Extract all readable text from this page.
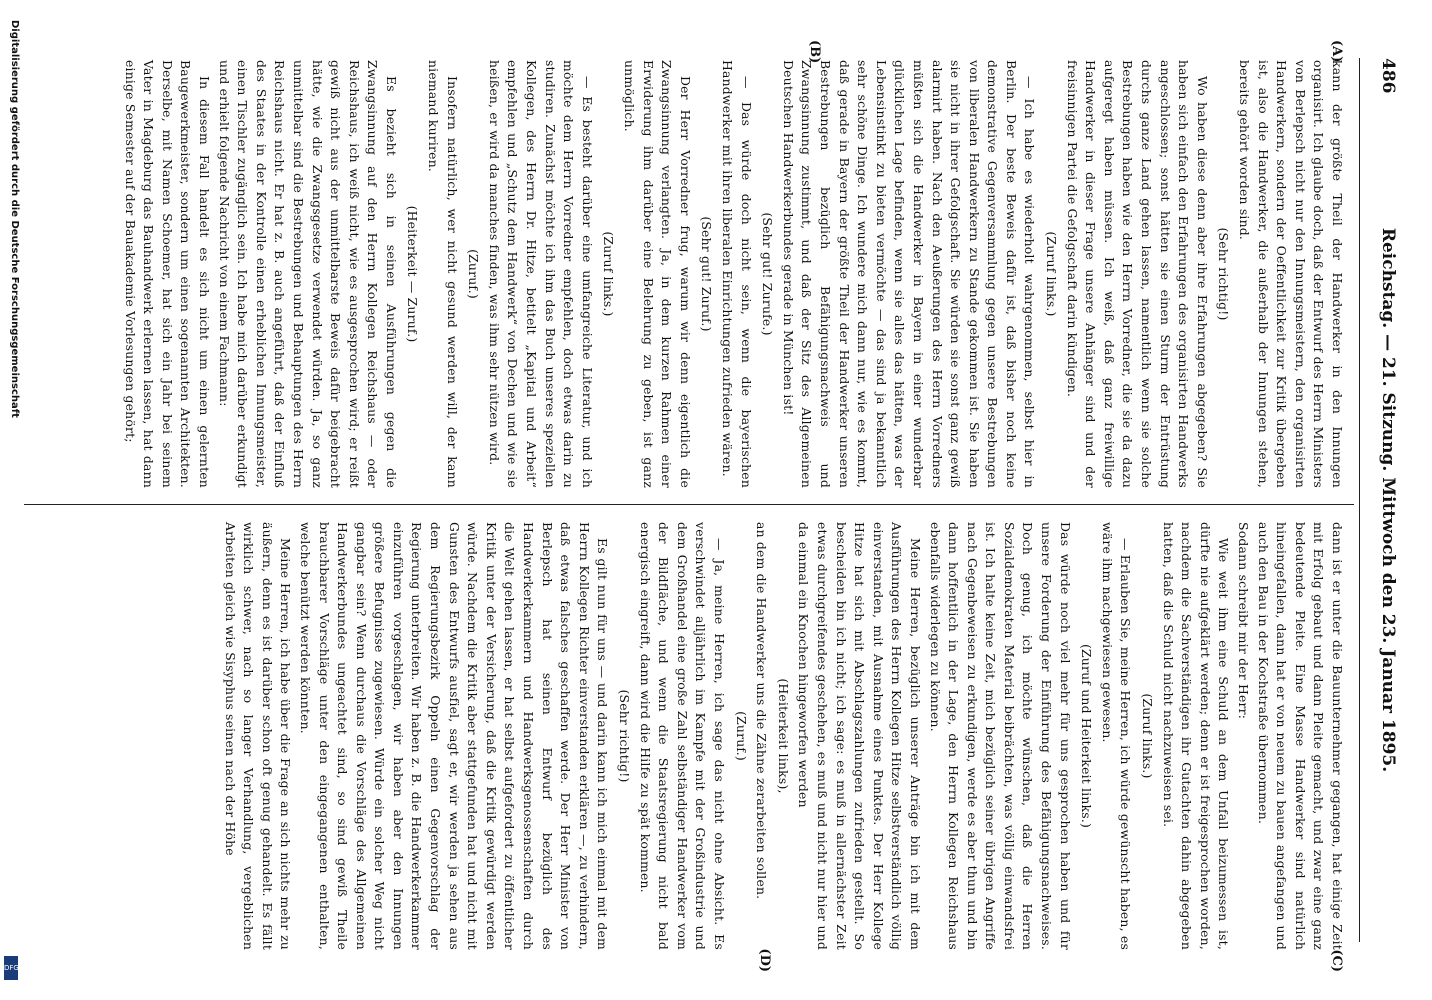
486
Reichstag. — 21. Sitzung. Mittwoch den 23. Januar 1895.
(A)
(B)
(C)
(D)

kann der größte Theil der Handwerker in den Innungen organisirt. Ich glaube doch, daß der Entwurf des Herrn Ministers von Berlepsch nicht nur den Innungsmeistern, den organisirten Handwerkern, sondern der Oeffentlichkeit zur Kritik übergeben ist, also die Handwerker, die außerhalb der Innungen stehen, bereits gehört worden sind.

(Sehr richtig!)

Wo haben diese denn aber ihre Erfahrungen abgegeben? Sie haben sich einfach den Erfahrungen des organisirten Handwerks angeschlossen; sonst hätten sie einen Sturm der Entrüstung durchs ganze Land gehen lassen, namentlich wenn sie solche Bestrebungen haben wie den Herrn Vorredner, die sie da dazu aufgeregt haben müssen. Ich weiß, daß ganz freiwillige Handwerker in dieser Frage unsere Anhänger sind und der freisinnigen Partei die Gefolgschaft darin kündigen.

(Zuruf links.)

— Ich habe es wiederholt wahrgenommen, selbst hier in Berlin. Der beste Beweis dafür ist, daß bisher noch keine demonstrative Gegenversammlung gegen unsere Bestrebungen von liberalen Handwerkern zu Stande gekommen ist. Sie haben sie nicht in ihrer Gefolgschaft. Sie würden sie sonst ganz gewiß alarmirt haben. Nach den Aeußerungen des Herrn Vorredners müßten sich die Handwerker in Bayern in einer wunderbar glücklichen Lage befinden, wenn sie alles das hätten, was der Lebensinstinkt zu bieten vermöchte — das sind ja bekanntlich sehr schöne Dinge. Ich wundere mich dann nur, wie es kommt, daß gerade in Bayern der größte Theil der Handwerker unseren Bestrebungen bezüglich Befähigungsnachweis und Zwangsinnung zustimmt, und daß der Sitz des Allgemeinen Deutschen Handwerkerbundes gerade in München ist!

(Sehr gut! Zurufe.)

— Das würde doch nicht sein, wenn die bayerischen Handwerker mit ihren liberalen Einrichtungen zufrieden wären.

(Sehr gut! Zuruf.)

Der Herr Vorredner frug, warum wir denn eigentlich die Zwangsinnung verlangten. Ja, in dem kurzen Rahmen einer Erwiderung ihm darüber eine Belehrung zu geben, ist ganz unmöglich.

(Zuruf links.)

— Es besteht darüber eine umfangreiche Literatur, und ich möchte dem Herrn Vorredner empfehlen, doch etwas darin zu studiren. Zunächst möchte ich ihm das Buch unseres speziellen Kollegen, des Herrn Dr. Hitze, betitelt „Kapital und Arbeit“ empfehlen und „Schutz dem Handwerk“ von Dechen und wie sie heißen, er wird da manches finden, was ihm sehr nützen wird.

(Zuruf.)

Insofern natürlich, wer nicht gesund werden will, der kann niemand kuriren.

(Heiterkeit — Zuruf.)

Es bezieht sich in seinen Ausführungen gegen die Zwangsinnung auf den Herrn Kollegen Reichshaus — oder Reichshaus, ich weiß nicht, wie es ausgesprochen wird; er reißt gewiß nicht aus der unmittelbarste Beweis dafür beigebracht hätte, wie die Zwangsgesetze verwendet würden. Ja, so ganz unmittelbar sind die Bestrebungen und Behauptungen des Herrn Reichshaus nicht. Er hat z. B. auch angeführt, daß der Einfluß des Staates in der Kontrolle einen erheblichen Innungsmeister, einen Tischler zugänglich sein. Ich habe mich darüber erkundigt und erhielt folgende Nachricht von einem Fachmann:

In diesem Fall handelt es sich nicht um einen gelernten Baugewerkmeister, sondern um einen sogenannten Architekten. Derselbe, mit Namen Schoemer, hat sich ein Jahr bei seinem Vater in Magdeburg das Bauhandwerk erlernen lassen, hat dann einige Semester auf der Bauakademie Vorlesungen gehört;

dann ist er unter die Bauunternehmer gegangen, hat einige Zeit mit Erfolg gebaut und dann Pleite gemacht, und zwar eine ganz bedeutende Pleite. Eine Masse Handwerker sind natürlich hineingefallen, dann hat er von neuem zu bauen angefangen und auch den Bau in der Kochstraße übernommen.

Sodann schreibt mir der Herr:

Wie weit ihm eine Schuld an dem Unfall beizumessen ist, dürfte nie aufgeklärt werden; denn er ist freigesprochen worden, nachdem die Sachverständigen ihr Gutachten dahin abgegeben hatten, daß die Schuld nicht nachzuweisen sei.

(Zuruf links.)

— Erlauben Sie, meine Herren, ich würde gewünscht haben, es wäre ihm nachgewiesen gewesen.

(Zuruf und Heiterkeit links.)

Das würde noch viel mehr für uns gesprochen haben und für unsere Forderung der Einführung des Befähigungsnachweises. Doch genug, ich möchte wünschen, daß die Herren Sozialdemokraten Material beibrächten, was völlig einwandsfrei ist. Ich halte keine Zeit, mich bezüglich seiner übrigen Angriffe nach Gegenbeweisen zu erkundigen, werde es aber thun und bin dann hoffentlich in der Lage, den Herrn Kollegen Reichshaus ebenfalls widerlegen zu können.

Meine Herren, bezüglich unserer Anträge bin ich mit dem Ausführungen des Herrn Kollegen Hitze selbstverständlich völlig einverstanden, mit Ausnahme eines Punktes. Der Herr Kollege Hitze hat sich mit Abschlagszahlungen zufrieden gestellt. So bescheiden bin ich nicht; ich sage: es muß in allernächster Zeit etwas durchgreifendes geschehen, es muß und nicht nur hier und da einmal ein Knochen hingeworfen werden

(Heiterkeit links),

an dem die Handwerker uns die Zähne zerarbeiten sollen.

(Zuruf.)

— Ja, meine Herren, ich sage das nicht ohne Absicht. Es verschwindet alljährlich im Kampfe mit der Großindustrie und dem Großhandel eine große Zahl selbständiger Handwerker vom der Bildfläche, und wenn die Staatsregierung nicht bald energisch eingreift, dann wird die Hilfe zu spät kommen.

(Sehr richtig!)

Es gilt nun für uns — und darin kann ich mich einmal mit dem Herrn Kollegen Richter einverstanden erklären —, zu verhindern, daß etwas falsches geschaffen werde. Der Herr Minister von Berlepsch hat seinen Entwurf bezüglich des Handwerkerkammern und Handwerksgenossenschaften durch die Welt gehen lassen, er hat selbst aufgefordert zu öffentlicher Kritik unter der Versicherung, daß die Kritik gewürdigt werden würde. Nachdem die Kritik aber stattgefunden hat und nicht mit Gunsten des Entwurfs ausfiel, sagt er, wir werden ja sehen aus dem Regierungsbezirk Oppeln einen Gegenvorschlag der Regierung unterbreiten. Wir haben z. B. die Handwerkerkammer einzuführen vorgeschlagen, wir haben aber den Innungen größere Befugnisse zugewiesen. Würde ein solcher Weg nicht gangbar sein? Wenn durchaus die Vorschläge des Allgemeinen Handwerkerbundes ungeachtet sind, so sind gewiß Theile brauchbarer Vorschläge unter den eingegangenen enthalten, welche benützt werden könnten.

Meine Herren, ich habe über die Frage an sich nichts mehr zu äußern, denn es ist darüber schon oft genug gehandelt. Es fällt wirklich schwer, nach so langer Verhandlung, vergeblichen Arbeiten gleich wie Sisyphus seinen nach der Höhe

Digitalisierung gefördert durch die Deutsche Forschungsgemeinschaft
DFG
